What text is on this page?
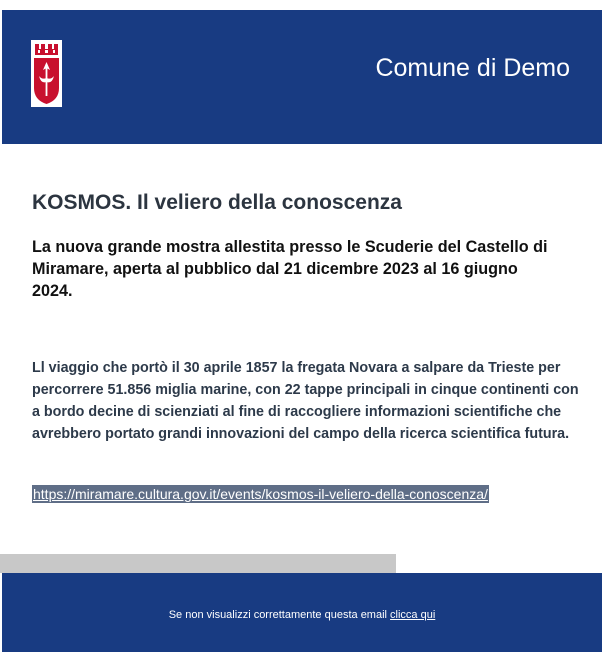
Comune di Demo
KOSMOS. Il veliero della conoscenza

La nuova grande mostra allestita presso le Scuderie del Castello di Miramare, aperta al pubblico dal 21 dicembre 2023 al 16 giugno 2024.

Ll viaggio che portò il 30 aprile 1857 la fregata Novara a salpare da Trieste per percorrere 51.856 miglia marine, con 22 tappe principali in cinque continenti con a bordo decine di scienziati al fine di raccogliere informazioni scientifiche che avrebbero portato grandi innovazioni del campo della ricerca scientifica futura.

https://miramare.cultura.gov.it/events/kosmos-il-veliero-della-conoscenza/
Se non visualizzi correttamente questa email clicca qui
